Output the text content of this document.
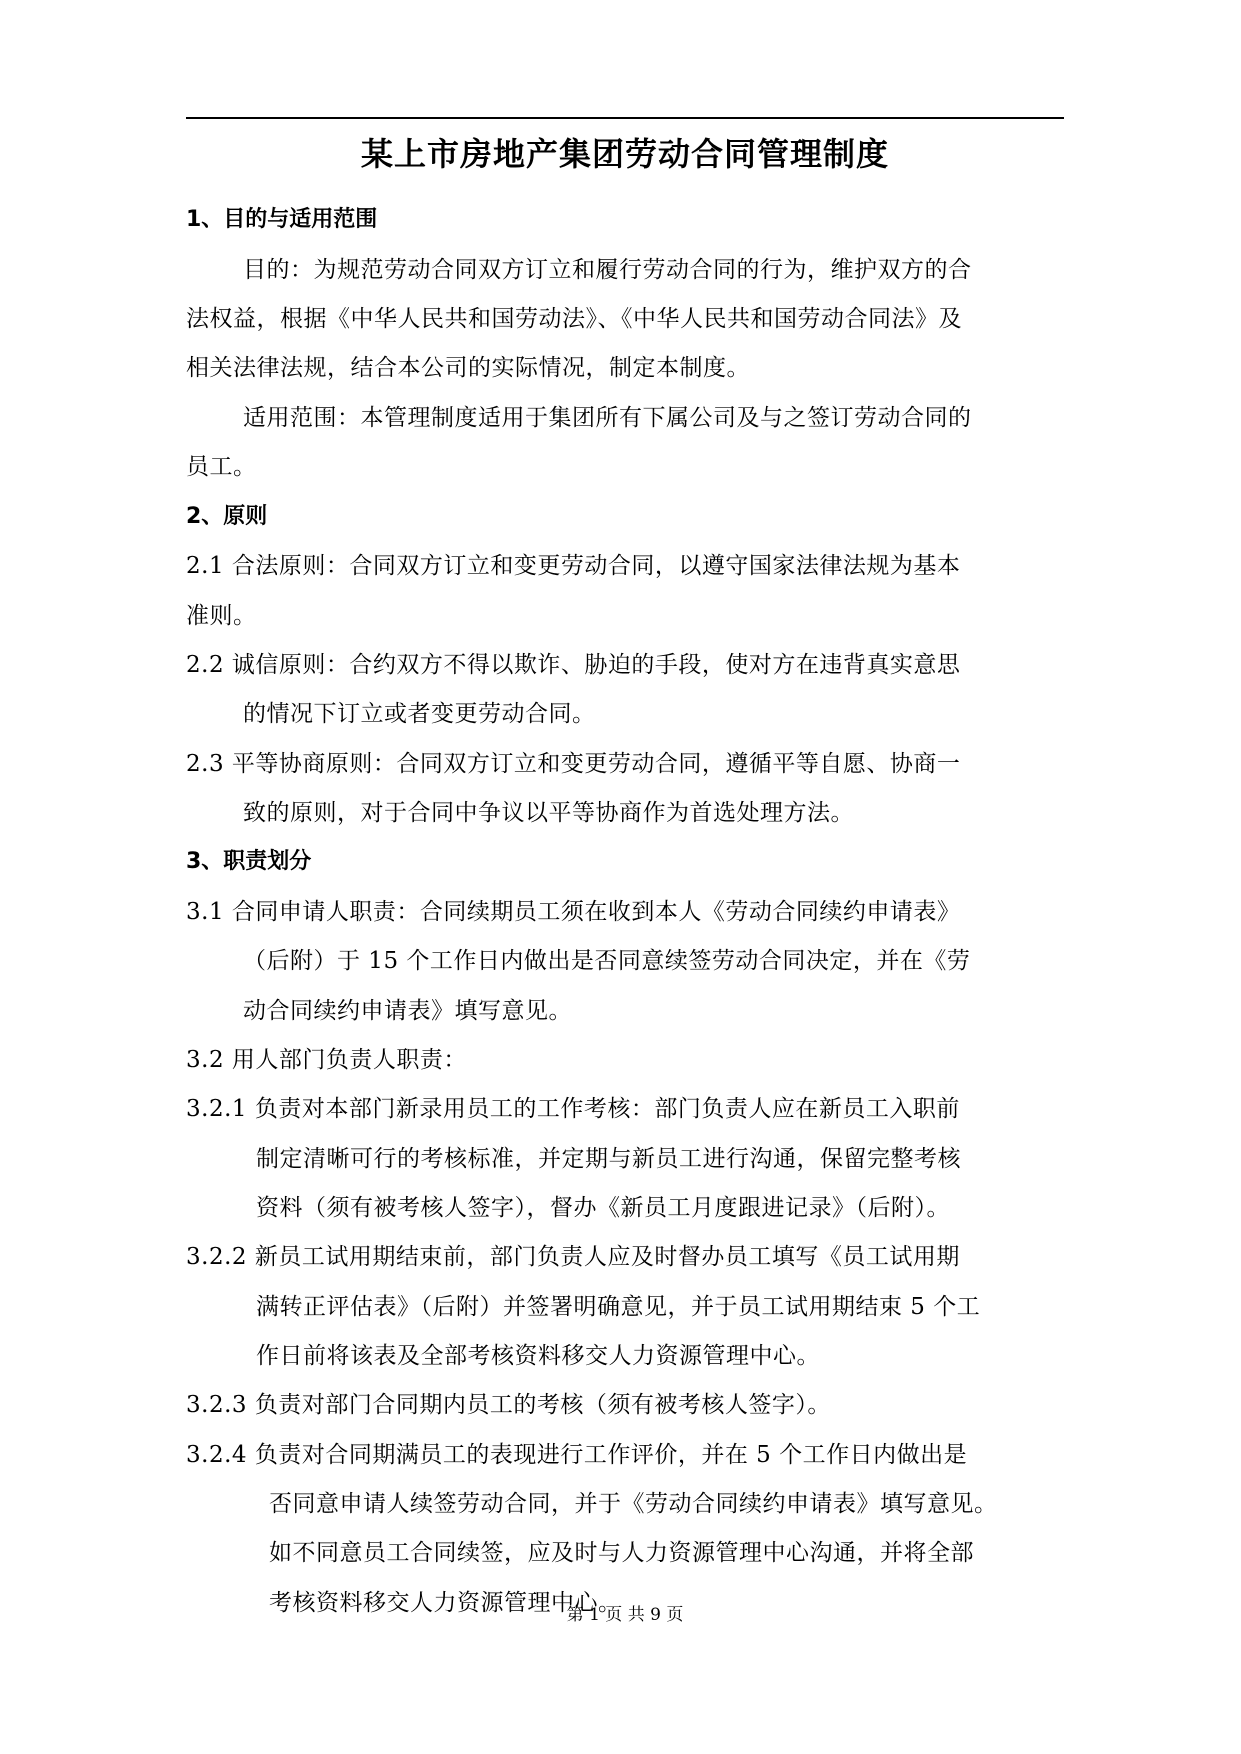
某上市房地产集团劳动合同管理制度
1、目的与适用范围
目的：为规范劳动合同双方订立和履行劳动合同的行为，维护双方的合
法权益，根据《中华人民共和国劳动法》、《中华人民共和国劳动合同法》及
相关法律法规，结合本公司的实际情况，制定本制度。
适用范围：本管理制度适用于集团所有下属公司及与之签订劳动合同的
员工。
2、原则
2.1 合法原则：合同双方订立和变更劳动合同，以遵守国家法律法规为基本
准则。
2.2 诚信原则：合约双方不得以欺诈、胁迫的手段，使对方在违背真实意思
的情况下订立或者变更劳动合同。
2.3 平等协商原则：合同双方订立和变更劳动合同，遵循平等自愿、协商一
致的原则，对于合同中争议以平等协商作为首选处理方法。
3、职责划分
3.1 合同申请人职责：合同续期员工须在收到本人《劳动合同续约申请表》
（后附）于 15 个工作日内做出是否同意续签劳动合同决定，并在《劳
动合同续约申请表》填写意见。
3.2 用人部门负责人职责：
3.2.1 负责对本部门新录用员工的工作考核：部门负责人应在新员工入职前
制定清晰可行的考核标准，并定期与新员工进行沟通，保留完整考核
资料（须有被考核人签字），督办《新员工月度跟进记录》（后附）。
3.2.2 新员工试用期结束前，部门负责人应及时督办员工填写《员工试用期
满转正评估表》（后附）并签署明确意见，并于员工试用期结束 5 个工
作日前将该表及全部考核资料移交人力资源管理中心。
3.2.3 负责对部门合同期内员工的考核（须有被考核人签字）。
3.2.4 负责对合同期满员工的表现进行工作评价，并在 5 个工作日内做出是
否同意申请人续签劳动合同，并于《劳动合同续约申请表》填写意见。
如不同意员工合同续签，应及时与人力资源管理中心沟通，并将全部
考核资料移交人力资源管理中心。
第 1 页 共 9 页
